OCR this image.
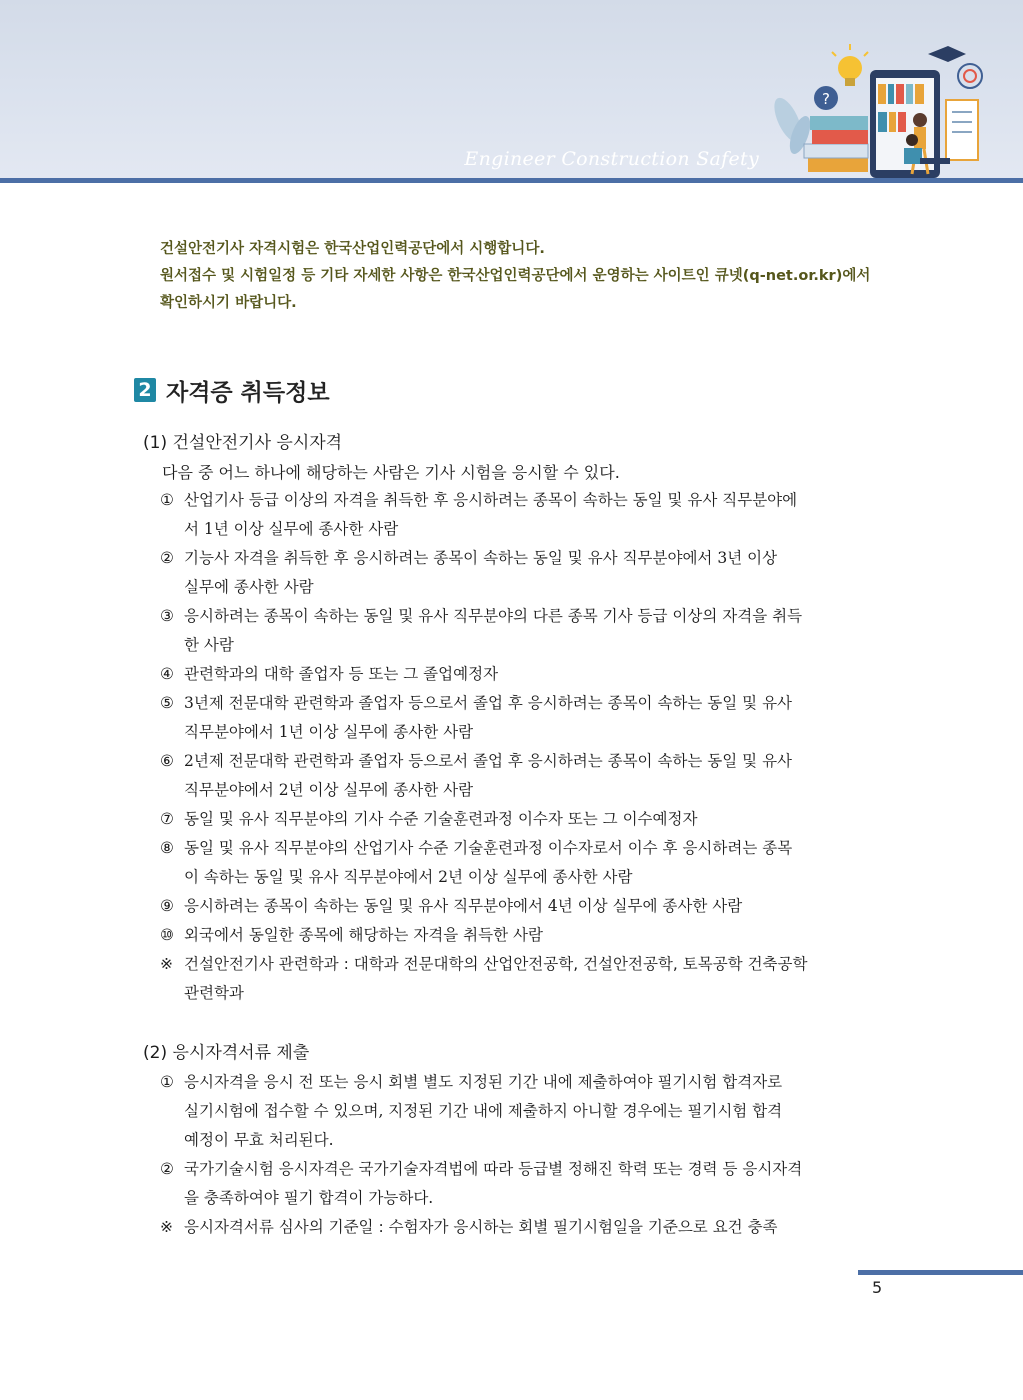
Engineer Construction Safety
?
건설안전기사 자격시험은 한국산업인력공단에서 시행합니다.
원서접수 및 시험일정 등 기타 자세한 사항은 한국산업인력공단에서 운영하는 사이트인 큐넷(q-net.or.kr)에서
확인하시기 바랍니다.
2 자격증 취득정보
(1) 건설안전기사 응시자격
다음 중 어느 하나에 해당하는 사람은 기사 시험을 응시할 수 있다.
① 산업기사 등급 이상의 자격을 취득한 후 응시하려는 종목이 속하는 동일 및 유사 직무분야에
서 1년 이상 실무에 종사한 사람
② 기능사 자격을 취득한 후 응시하려는 종목이 속하는 동일 및 유사 직무분야에서 3년 이상
실무에 종사한 사람
③ 응시하려는 종목이 속하는 동일 및 유사 직무분야의 다른 종목 기사 등급 이상의 자격을 취득
한 사람
④ 관련학과의 대학 졸업자 등 또는 그 졸업예정자
⑤ 3년제 전문대학 관련학과 졸업자 등으로서 졸업 후 응시하려는 종목이 속하는 동일 및 유사
직무분야에서 1년 이상 실무에 종사한 사람
⑥ 2년제 전문대학 관련학과 졸업자 등으로서 졸업 후 응시하려는 종목이 속하는 동일 및 유사
직무분야에서 2년 이상 실무에 종사한 사람
⑦ 동일 및 유사 직무분야의 기사 수준 기술훈련과정 이수자 또는 그 이수예정자
⑧ 동일 및 유사 직무분야의 산업기사 수준 기술훈련과정 이수자로서 이수 후 응시하려는 종목
이 속하는 동일 및 유사 직무분야에서 2년 이상 실무에 종사한 사람
⑨ 응시하려는 종목이 속하는 동일 및 유사 직무분야에서 4년 이상 실무에 종사한 사람
⑩ 외국에서 동일한 종목에 해당하는 자격을 취득한 사람
※ 건설안전기사 관련학과 : 대학과 전문대학의 산업안전공학, 건설안전공학, 토목공학 건축공학
관련학과
(2) 응시자격서류 제출
① 응시자격을 응시 전 또는 응시 회별 별도 지정된 기간 내에 제출하여야 필기시험 합격자로
실기시험에 접수할 수 있으며, 지정된 기간 내에 제출하지 아니할 경우에는 필기시험 합격
예정이 무효 처리된다.
② 국가기술시험 응시자격은 국가기술자격법에 따라 등급별 정해진 학력 또는 경력 등 응시자격
을 충족하여야 필기 합격이 가능하다.
※ 응시자격서류 심사의 기준일 : 수험자가 응시하는 회별 필기시험일을 기준으로 요건 충족
5
